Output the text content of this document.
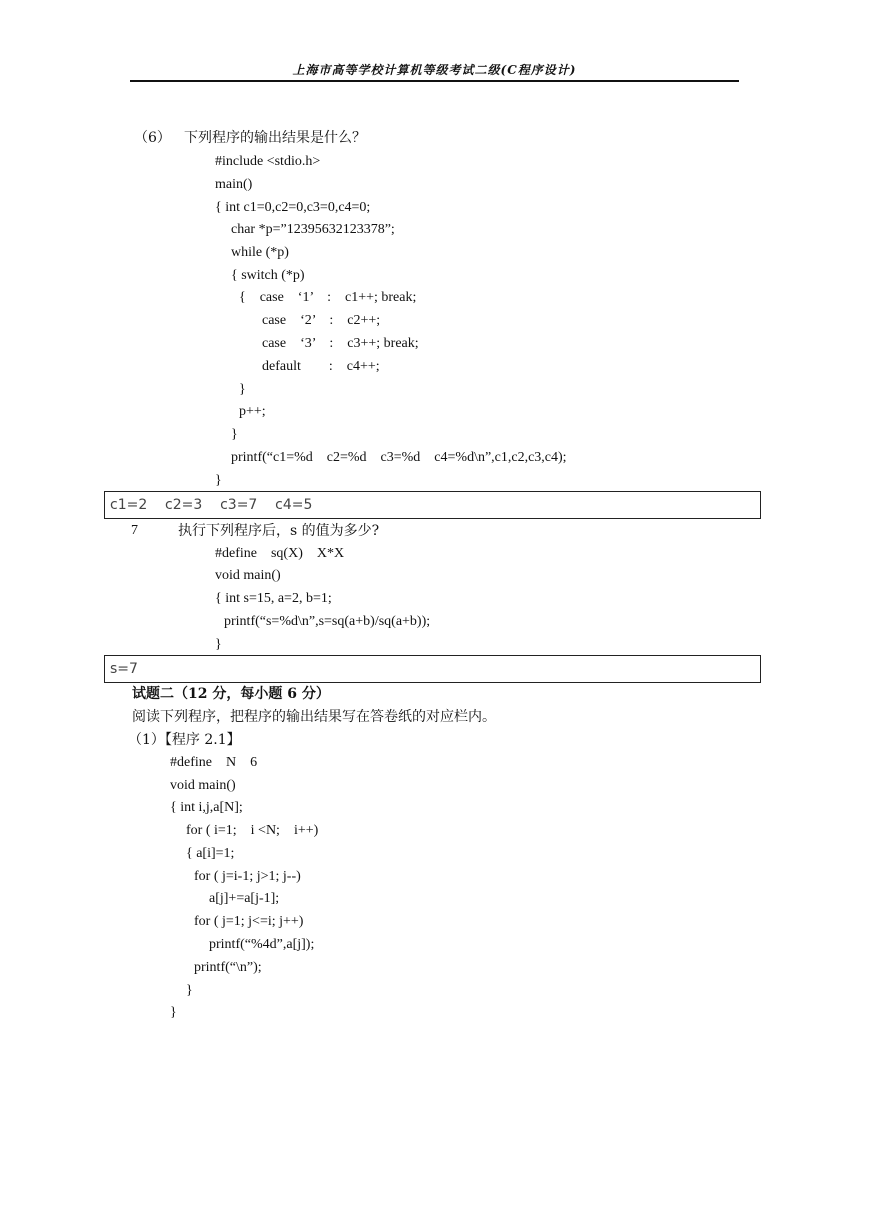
上海市高等学校计算机等级考试二级(C程序设计)
（6） 下列程序的输出结果是什么？
#include <stdio.h>
main()
{ int c1=0,c2=0,c3=0,c4=0;
char *p=”12395632123378”;
while (*p)
{ switch (*p)
{    case    ‘1’    :    c1++; break;
case    ‘2’    :    c2++;
case    ‘3’    :    c3++; break;
default        :    c4++;
}
p++;
}
printf(“c1=%d    c2=%d    c3=%d    c4=%d\n”,c1,c2,c3,c4);
}
c1=2    c2=3    c3=7    c4=5
7	执行下列程序后，s 的值为多少?
#define    sq(X)    X*X
void main()
{ int s=15, a=2, b=1;
printf(“s=%d\n”,s=sq(a+b)/sq(a+b));
}
s=7
试题二（12 分，每小题 6 分）
阅读下列程序，把程序的输出结果写在答卷纸的对应栏内。
（1）【程序 2.1】
#define    N    6
void main()
{ int i,j,a[N];
for ( i=1;    i <N;    i++)
{ a[i]=1;
for ( j=i-1; j>1; j--)
a[j]+=a[j-1];
for ( j=1; j<=i; j++)
printf(“%4d”,a[j]);
printf(“\n”);
}
}
